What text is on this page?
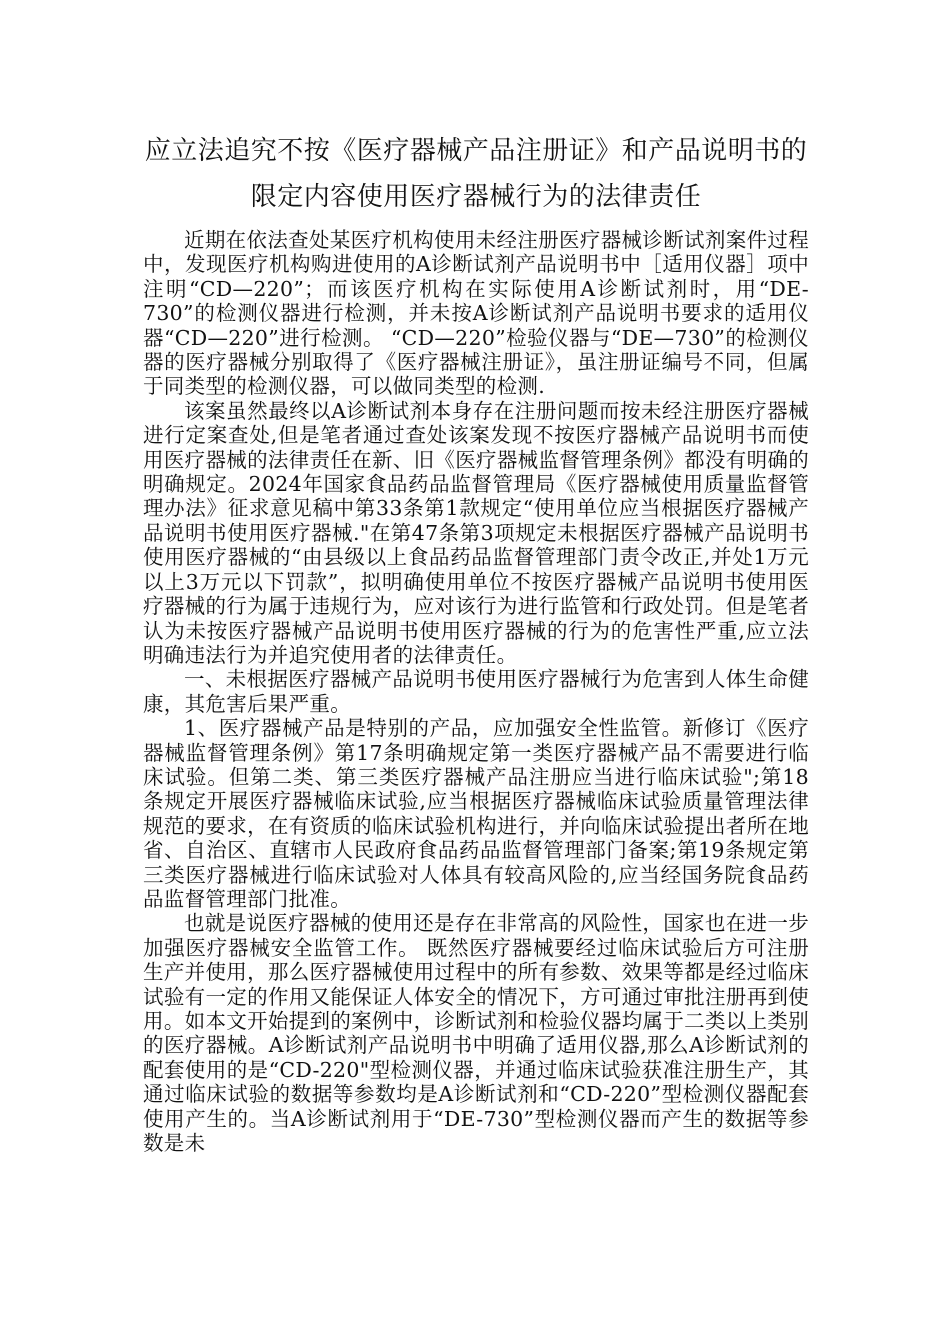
应立法追究不按《医疗器械产品注册证》和产品说明书的
限定内容使用医疗器械行为的法律责任

近期在依法查处某医疗机构使用未经注册医疗器械诊断试剂案件过程中，发现医疗机构购进使用的A诊断试剂产品说明书中［适用仪器］项中注明“CD—220”；而该医疗机构在实际使用A诊断试剂时，用“DE-730”的检测仪器进行检测，并未按A诊断试剂产品说明书要求的适用仪器“CD—220”进行检测。 “CD—220”检验仪器与“DE—730”的检测仪器的医疗器械分别取得了《医疗器械注册证》，虽注册证编号不同，但属于同类型的检测仪器，可以做同类型的检测.

该案虽然最终以A诊断试剂本身存在注册问题而按未经注册医疗器械进行定案查处,但是笔者通过查处该案发现不按医疗器械产品说明书而使用医疗器械的法律责任在新、旧《医疗器械监督管理条例》都没有明确的明确规定。2024年国家食品药品监督管理局《医疗器械使用质量监督管理办法》征求意见稿中第33条第1款规定“使用单位应当根据医疗器械产品说明书使用医疗器械."在第47条第3项规定未根据医疗器械产品说明书使用医疗器械的“由县级以上食品药品监督管理部门责令改正,并处1万元以上3万元以下罚款”，拟明确使用单位不按医疗器械产品说明书使用医疗器械的行为属于违规行为，应对该行为进行监管和行政处罚。但是笔者认为未按医疗器械产品说明书使用医疗器械的行为的危害性严重,应立法明确违法行为并追究使用者的法律责任。

一、未根据医疗器械产品说明书使用医疗器械行为危害到人体生命健康，其危害后果严重。

1、医疗器械产品是特别的产品，应加强安全性监管。新修订《医疗器械监督管理条例》第17条明确规定第一类医疗器械产品不需要进行临床试验。但第二类、第三类医疗器械产品注册应当进行临床试验";第18条规定开展医疗器械临床试验,应当根据医疗器械临床试验质量管理法律规范的要求，在有资质的临床试验机构进行，并向临床试验提出者所在地省、自治区、直辖市人民政府食品药品监督管理部门备案;第19条规定第三类医疗器械进行临床试验对人体具有较高风险的,应当经国务院食品药品监督管理部门批准。

也就是说医疗器械的使用还是存在非常高的风险性，国家也在进一步加强医疗器械安全监管工作。 既然医疗器械要经过临床试验后方可注册生产并使用，那么医疗器械使用过程中的所有参数、效果等都是经过临床试验有一定的作用又能保证人体安全的情况下，方可通过审批注册再到使用。如本文开始提到的案例中，诊断试剂和检验仪器均属于二类以上类别的医疗器械。A诊断试剂产品说明书中明确了适用仪器,那么A诊断试剂的配套使用的是“CD-220"型检测仪器，并通过临床试验获准注册生产，其通过临床试验的数据等参数均是A诊断试剂和“CD-220”型检测仪器配套使用产生的。当A诊断试剂用于“DE-730”型检测仪器而产生的数据等参数是未
